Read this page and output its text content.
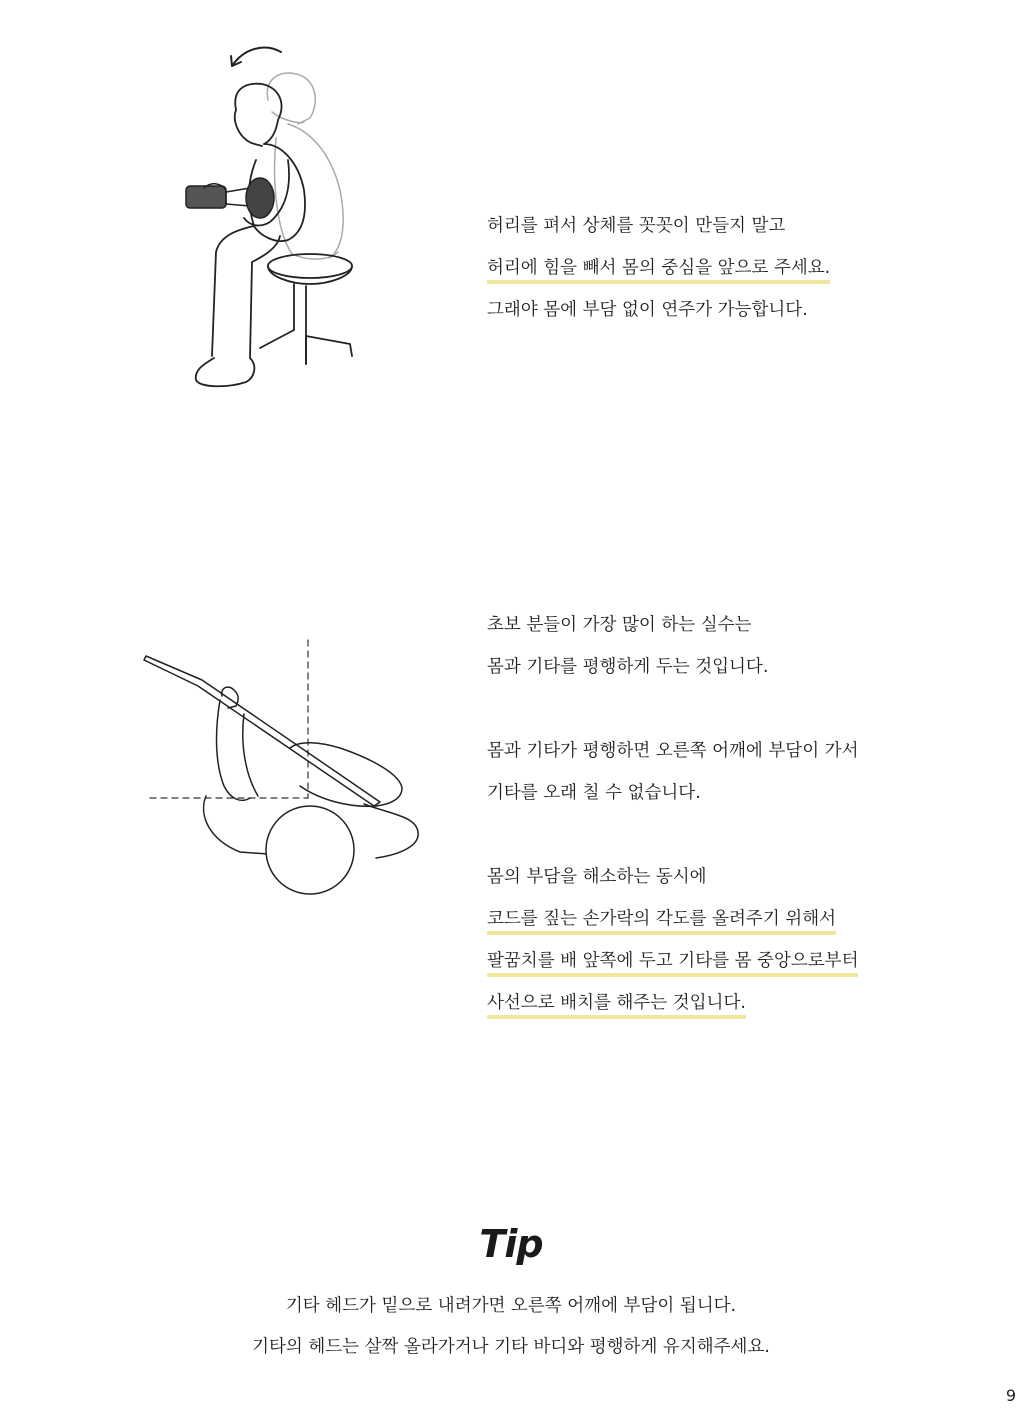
허리를 펴서 상체를 꼿꼿이 만들지 말고
허리에 힘을 빼서 몸의 중심을 앞으로 주세요.
그래야 몸에 부담 없이 연주가 가능합니다.
초보 분들이 가장 많이 하는 실수는
몸과 기타를 평행하게 두는 것입니다.
몸과 기타가 평행하면 오른쪽 어깨에 부담이 가서
기타를 오래 칠 수 없습니다.
몸의 부담을 해소하는 동시에
코드를 짚는 손가락의 각도를 올려주기 위해서
팔꿈치를 배 앞쪽에 두고 기타를 몸 중앙으로부터
사선으로 배치를 해주는 것입니다.
Tip
기타 헤드가 밑으로 내려가면 오른쪽 어깨에 부담이 됩니다.
기타의 헤드는 살짝 올라가거나 기타 바디와 평행하게 유지해주세요.
9
